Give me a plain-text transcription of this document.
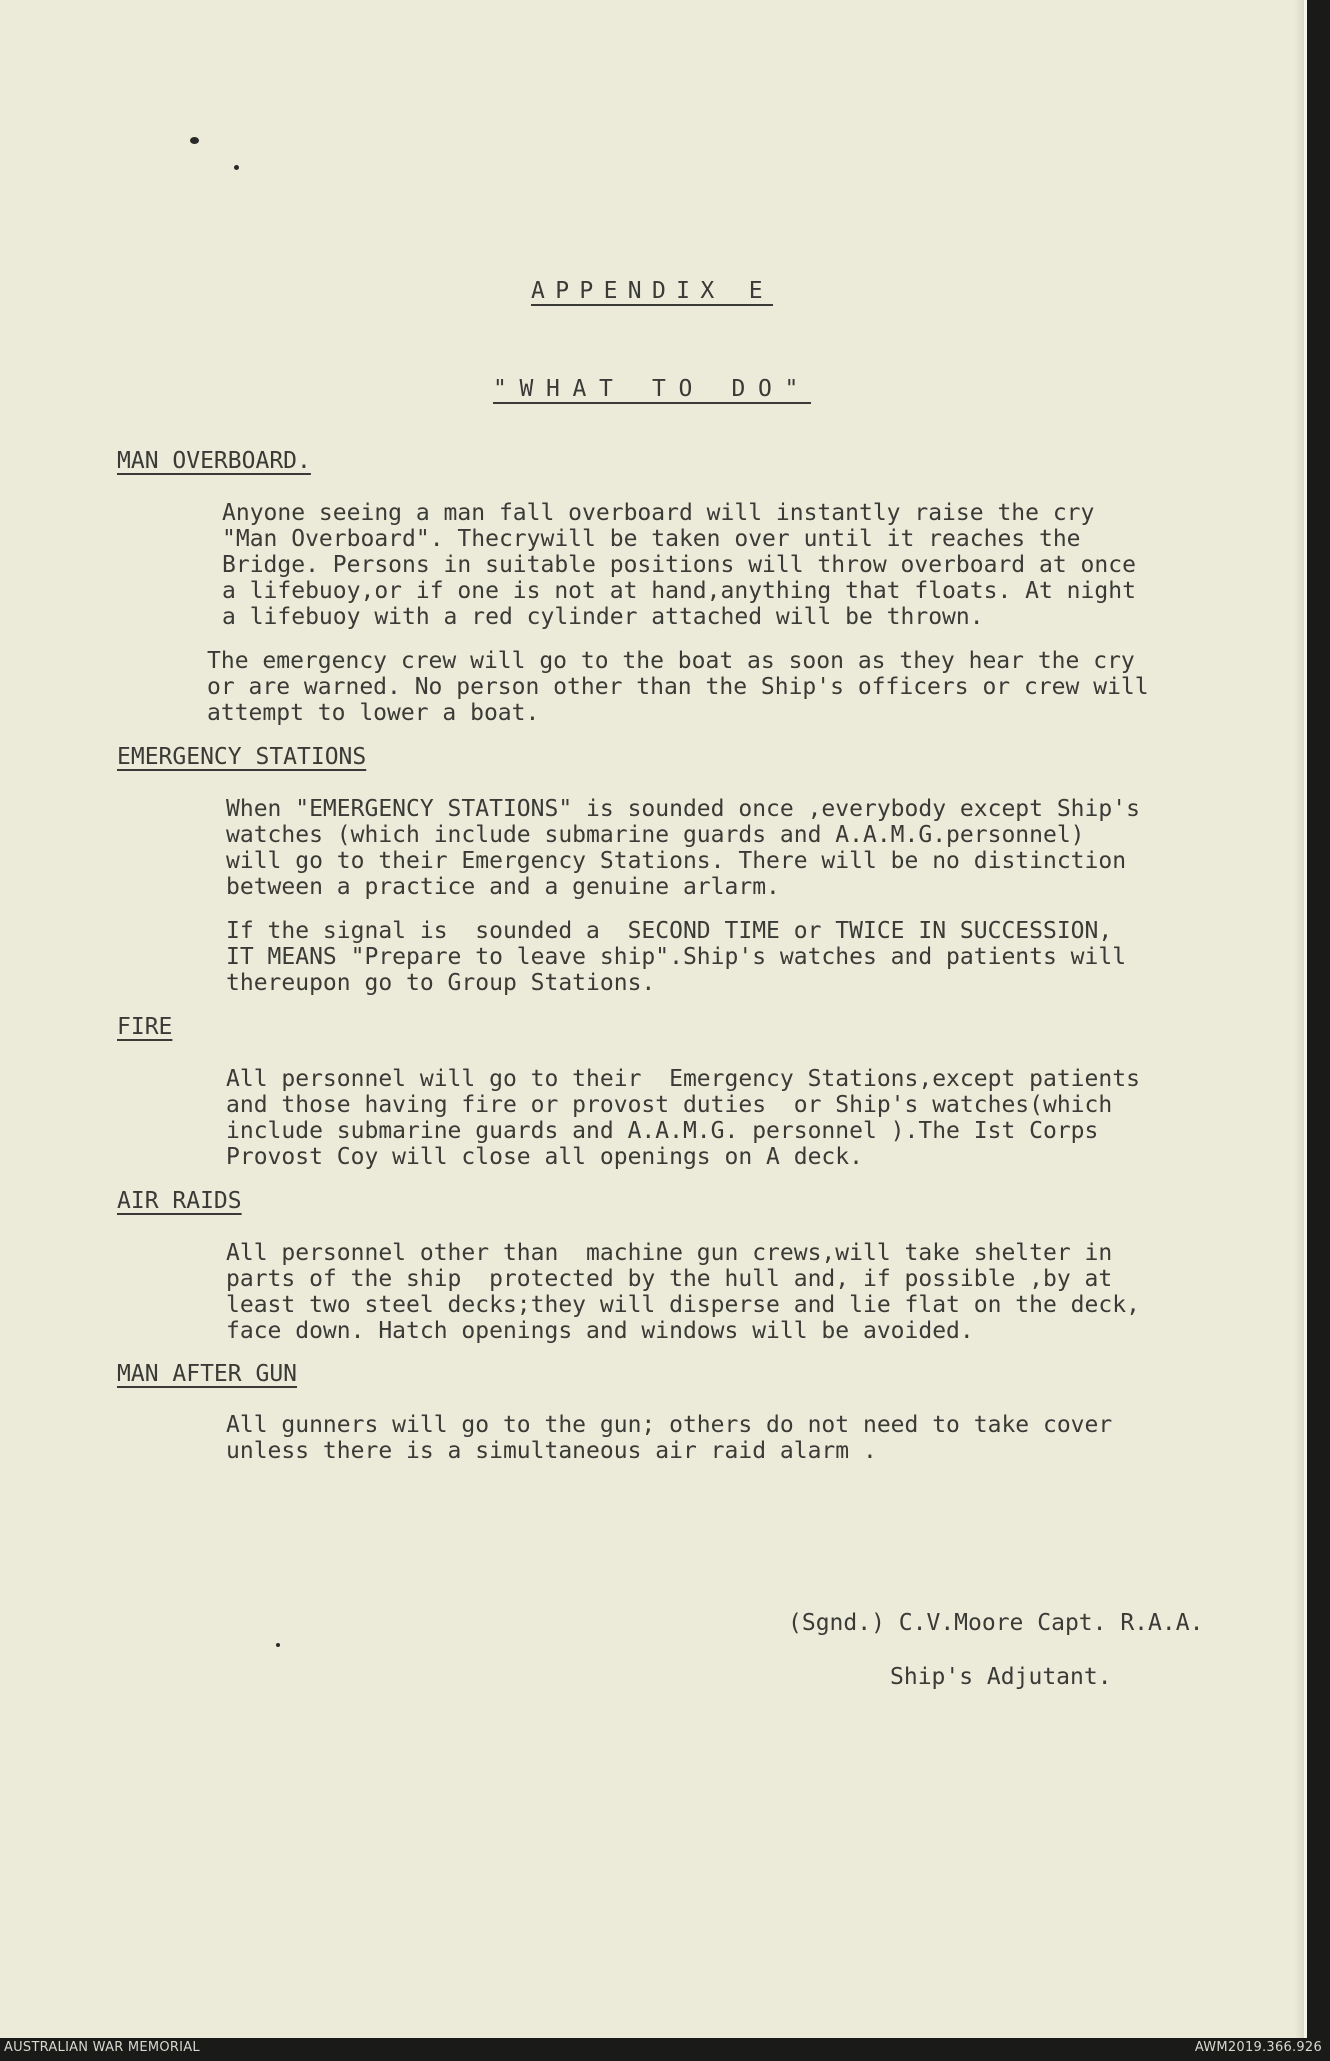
APPENDIX E
"WHAT TO DO"
MAN OVERBOARD.

Anyone seeing a man fall overboard will instantly raise the cry
"Man Overboard". Thecrywill be taken over until it reaches the
Bridge. Persons in suitable positions will throw overboard at once
a lifebuoy,or if one is not at hand,anything that floats. At night
a lifebuoy with a red cylinder attached will be thrown.

The emergency crew will go to the boat as soon as they hear the cry
or are warned. No person other than the Ship's officers or crew will
attempt to lower a boat.

EMERGENCY STATIONS

When "EMERGENCY STATIONS" is sounded once ,everybody except Ship's
watches (which include submarine guards and A.A.M.G.personnel)
will go to their Emergency Stations. There will be no distinction
between a practice and a genuine arlarm.

If the signal is  sounded a  SECOND TIME or TWICE IN SUCCESSION,
IT MEANS "Prepare to leave ship".Ship's watches and patients will
thereupon go to Group Stations.

FIRE

All personnel will go to their  Emergency Stations,except patients
and those having fire or provost duties  or Ship's watches(which
include submarine guards and A.A.M.G. personnel ).The Ist Corps
Provost Coy will close all openings on A deck.

AIR RAIDS

All personnel other than  machine gun crews,will take shelter in
parts of the ship  protected by the hull and, if possible ,by at
least two steel decks;they will disperse and lie flat on the deck,
face down. Hatch openings and windows will be avoided.

MAN AFTER GUN

All gunners will go to the gun; others do not need to take cover
unless there is a simultaneous air raid alarm .

(Sgnd.) C.V.Moore Capt. R.A.A.
Ship's Adjutant.
AUSTRALIAN WAR MEMORIAL	AWM2019.366.926
